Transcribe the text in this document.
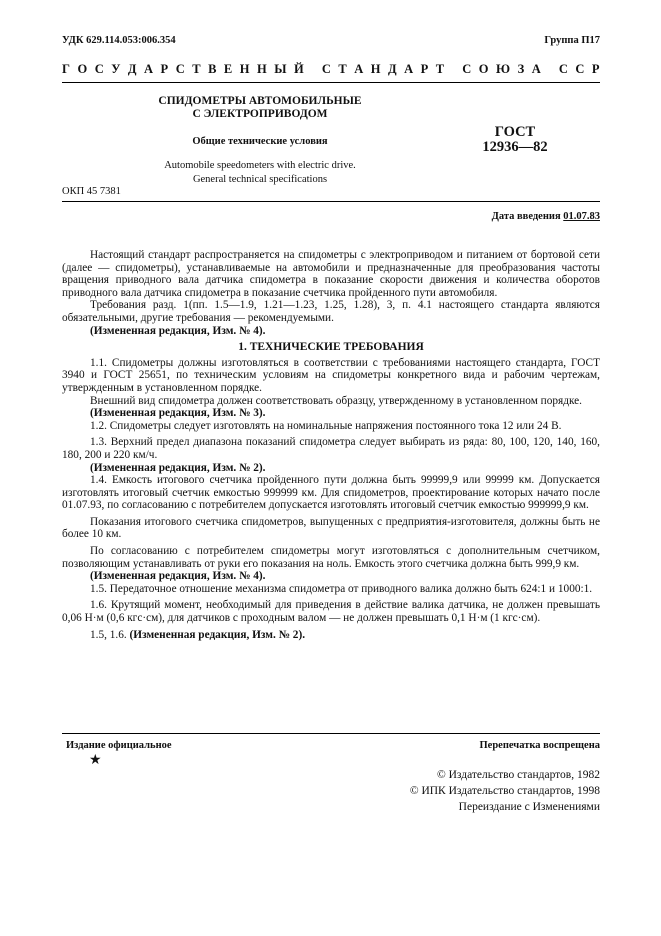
УДК 629.114.053:006.354	Группа П17
Г О С У Д А Р С Т В Е Н Н Ы Й
С Т А Н Д А Р Т
С О Ю З А
С С Р
СПИДОМЕТРЫ АВТОМОБИЛЬНЫЕ
С ЭЛЕКТРОПРИВОДОМ
Общие технические условия
Automobile speedometers with electric drive.
General technical specifications
ГОСТ
12936—82
ОКП 45 7381
Дата введения 01.07.83

Настоящий стандарт распространяется на спидометры с электроприводом и питанием от бортовой сети (далее — спидометры), устанавливаемые на автомобили и предназначенные для преобразования частоты вращения приводного вала датчика спидометра в показание скорости движения и количества оборотов приводного вала датчика спидометра в показание счетчика пройденного пути автомобиля.

Требования разд. 1(пп. 1.5—1.9, 1.21—1.23, 1.25, 1.28), 3, п. 4.1 настоящего стандарта являются обязательными, другие требования — рекомендуемыми.

(Измененная редакция, Изм. № 4).

1. ТЕХНИЧЕСКИЕ ТРЕБОВАНИЯ

1.1. Спидометры должны изготовляться в соответствии с требованиями настоящего стандарта, ГОСТ 3940 и ГОСТ 25651, по техническим условиям на спидометры конкретного вида и рабочим чертежам, утвержденным в установленном порядке.

Внешний вид спидометра должен соответствовать образцу, утвержденному в установленном порядке.

(Измененная редакция, Изм. № 3).

1.2. Спидометры следует изготовлять на номинальные напряжения постоянного тока 12 или 24 В.

1.3. Верхний предел диапазона показаний спидометра следует выбирать из ряда: 80, 100, 120, 140, 160, 180, 200 и 220 км/ч.

(Измененная редакция, Изм. № 2).

1.4. Емкость итогового счетчика пройденного пути должна быть 99999,9 или 99999 км. Допускается изготовлять итоговый счетчик емкостью 999999 км. Для спидометров, проектирование которых начато после 01.07.93, по согласованию с потребителем допускается изготовлять итоговый счетчик емкостью 999999,9 км.

Показания итогового счетчика спидометров, выпущенных с предприятия-изготовителя, должны быть не более 10 км.

По согласованию с потребителем спидометры могут изготовляться с дополнительным счетчиком, позволяющим устанавливать от руки его показания на ноль. Емкость этого счетчика должна быть 999,9 км.

(Измененная редакция, Изм. № 4).

1.5. Передаточное отношение механизма спидометра от приводного валика должно быть 624:1 и 1000:1.

1.6. Крутящий момент, необходимый для приведения в действие валика датчика, не должен превышать 0,06 Н·м (0,6 кгс·см), для датчиков с проходным валом — не должен превышать 0,1 Н·м (1 кгс·см).

1.5, 1.6. (Измененная редакция, Изм. № 2).

Издание официальное	Перепечатка воспрещена
★
© Издательство стандартов, 1982
© ИПК Издательство стандартов, 1998
Переиздание с Изменениями
